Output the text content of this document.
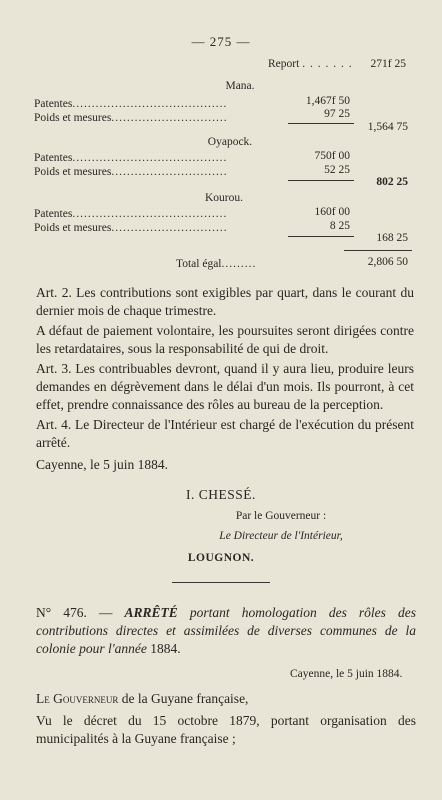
— 275 —
Report . . . . . . .	271f 25
Mana.
Patentes........................................	1,467f 50
Poids et mesures..............................	97 25
1,564 75
Oyapock.
Patentes........................................	750f 00
Poids et mesures..............................	52 25
802 25
Kourou.
Patentes........................................	160f 00
Poids et mesures..............................	8 25
168 25
Total égal.........	2,806 50
Art. 2. Les contributions sont exigibles par quart, dans le courant du dernier mois de chaque trimestre.
A défaut de paiement volontaire, les poursuites seront dirigées contre les retardataires, sous la responsabilité de qui de droit.
Art. 3. Les contribuables devront, quand il y aura lieu, produire leurs demandes en dégrèvement dans le délai d'un mois. Ils pourront, à cet effet, prendre connaissance des rôles au bureau de la perception.
Art. 4. Le Directeur de l'Intérieur est chargé de l'exécution du présent arrêté.
Cayenne, le 5 juin 1884.
I. CHESSÉ.
Par le Gouverneur :
Le Directeur de l'Intérieur,
LOUGNON.
N° 476. — ARRÊTÉ portant homologation des rôles des contributions directes et assimilées de diverses communes de la colonie pour l'année 1884.
Cayenne, le 5 juin 1884.
Le Gouverneur de la Guyane française,
Vu le décret du 15 octobre 1879, portant organisation des municipalités à la Guyane française ;
